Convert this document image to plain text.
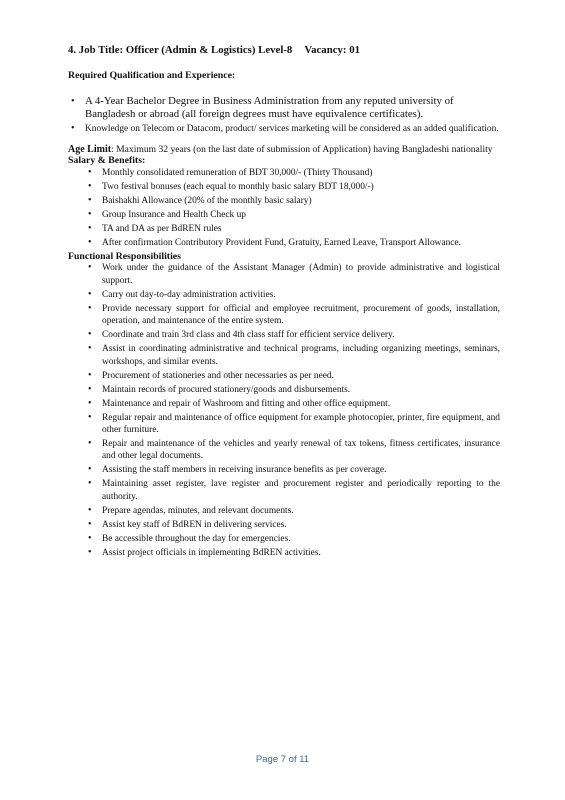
4. Job Title: Officer (Admin & Logistics) Level-8 Vacancy: 01
Required Qualification and Experience:
• A 4-Year Bachelor Degree in Business Administration from any reputed university of Bangladesh or abroad (all foreign degrees must have equivalence certificates).
• Knowledge on Telecom or Datacom, product/ services marketing will be considered as an added qualification.
Age Limit: Maximum 32 years (on the last date of submission of Application) having Bangladeshi nationality
Salary & Benefits:
• Monthly consolidated remuneration of BDT 30,000/- (Thirty Thousand)
• Two festival bonuses (each equal to monthly basic salary BDT 18,000/-)
• Baishakhi Allowance (20% of the monthly basic salary)
• Group Insurance and Health Check up
• TA and DA as per BdREN rules
• After confirmation Contributory Provident Fund, Gratuity, Earned Leave, Transport Allowance.
Functional Responsibilities
• Work under the guidance of the Assistant Manager (Admin) to provide administrative and logistical support.
• Carry out day-to-day administration activities.
• Provide necessary support for official and employee recruitment, procurement of goods, installation, operation, and maintenance of the entire system.
• Coordinate and train 3rd class and 4th class staff for efficient service delivery.
• Assist in coordinating administrative and technical programs, including organizing meetings, seminars, workshops, and similar events.
• Procurement of stationeries and other necessaries as per need.
• Maintain records of procured stationery/goods and disbursements.
• Maintenance and repair of Washroom and fitting and other office equipment.
• Regular repair and maintenance of office equipment for example photocopier, printer, fire equipment, and other furniture.
• Repair and maintenance of the vehicles and yearly renewal of tax tokens, fitness certificates, insurance and other legal documents.
• Assisting the staff members in receiving insurance benefits as per coverage.
• Maintaining asset register, lave register and procurement register and periodically reporting to the authority.
• Prepare agendas, minutes, and relevant documents.
• Assist key staff of BdREN in delivering services.
• Be accessible throughout the day for emergencies.
• Assist project officials in implementing BdREN activities.
Page 7 of 11
